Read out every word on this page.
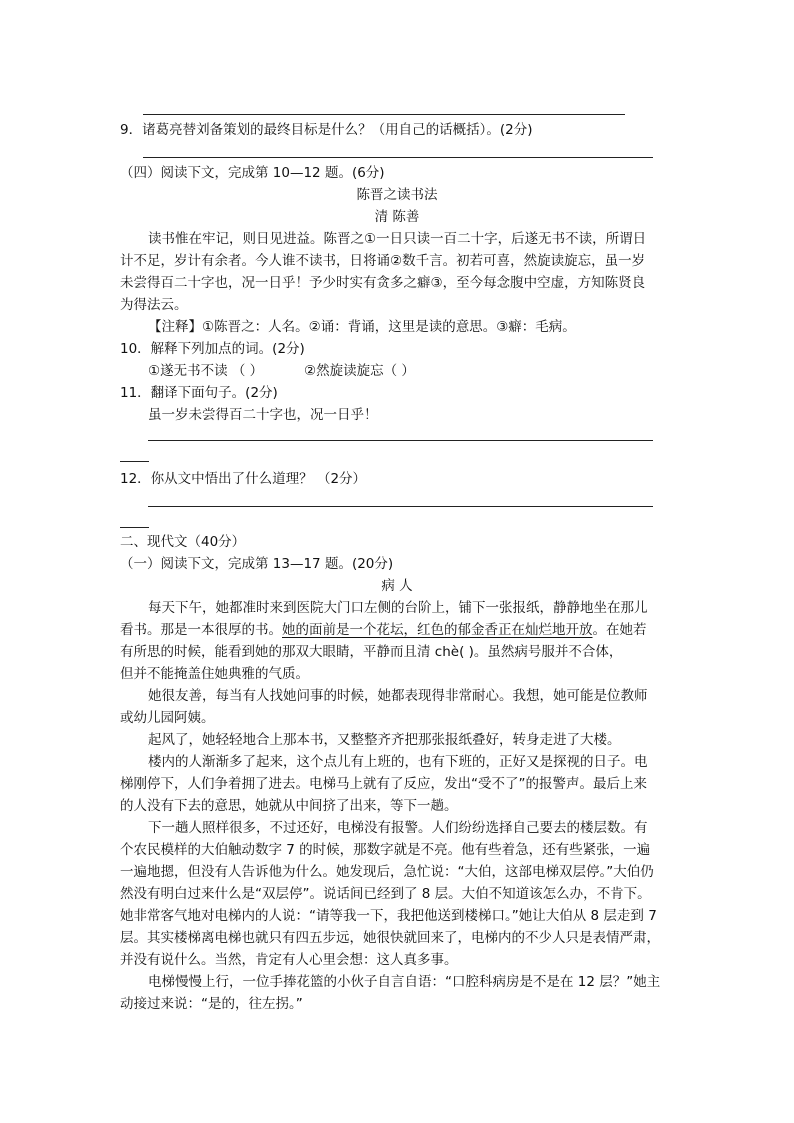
9．诸葛亮替刘备策划的最终目标是什么？（用自己的话概括）。(2分)
（四）阅读下文，完成第 10—12 题。(6分)
陈晋之读书法
清 陈善
读书惟在牢记，则日见进益。陈晋之①一日只读一百二十字，后遂无书不读，所谓日
计不足，岁计有余者。今人谁不读书，日将诵②数千言。初若可喜，然旋读旋忘，虽一岁
未尝得百二十字也，况一日乎！予少时实有贪多之癖③，至今每念腹中空虚，方知陈贤良
为得法云。
【注释】①陈晋之：人名。②诵：背诵，这里是读的意思。③癖：毛病。
10．解释下列加点的词。(2分)
①遂无书不读 （ ）	②然旋读旋忘（ ）
11．翻译下面句子。(2分)
虽一岁未尝得百二十字也，况一日乎！
12．你从文中悟出了什么道理？ （2分）
二、现代文（40分）
（一）阅读下文，完成第 13—17 题。(20分)
病 人
每天下午，她都准时来到医院大门口左侧的台阶上，铺下一张报纸，静静地坐在那儿
看书。那是一本很厚的书。她的面前是一个花坛，红色的郁金香正在灿烂地开放。在她若
有所思的时候，能看到她的那双大眼睛，平静而且清 chè( )。虽然病号服并不合体，
但并不能掩盖住她典雅的气质。
她很友善，每当有人找她问事的时候，她都表现得非常耐心。我想，她可能是位教师
或幼儿园阿姨。
起风了，她轻轻地合上那本书，又整整齐齐把那张报纸叠好，转身走进了大楼。
楼内的人渐渐多了起来，这个点儿有上班的，也有下班的，正好又是探视的日子。电
梯刚停下，人们争着拥了进去。电梯马上就有了反应，发出“受不了”的报警声。最后上来
的人没有下去的意思，她就从中间挤了出来，等下一趟。
下一趟人照样很多，不过还好，电梯没有报警。人们纷纷选择自己要去的楼层数。有
个农民模样的大伯触动数字 7 的时候，那数字就是不亮。他有些着急，还有些紧张，一遍
一遍地摁，但没有人告诉他为什么。她发现后，急忙说：“大伯，这部电梯双层停。”大伯仍
然没有明白过来什么是“双层停”。说话间已经到了 8 层。大伯不知道该怎么办，不肯下。
她非常客气地对电梯内的人说：“请等我一下，我把他送到楼梯口。”她让大伯从 8 层走到 7
层。其实楼梯离电梯也就只有四五步远，她很快就回来了，电梯内的不少人只是表情严肃，
并没有说什么。当然，肯定有人心里会想：这人真多事。
电梯慢慢上行，一位手捧花篮的小伙子自言自语：“口腔科病房是不是在 12 层？”她主
动接过来说：“是的，往左拐。”
